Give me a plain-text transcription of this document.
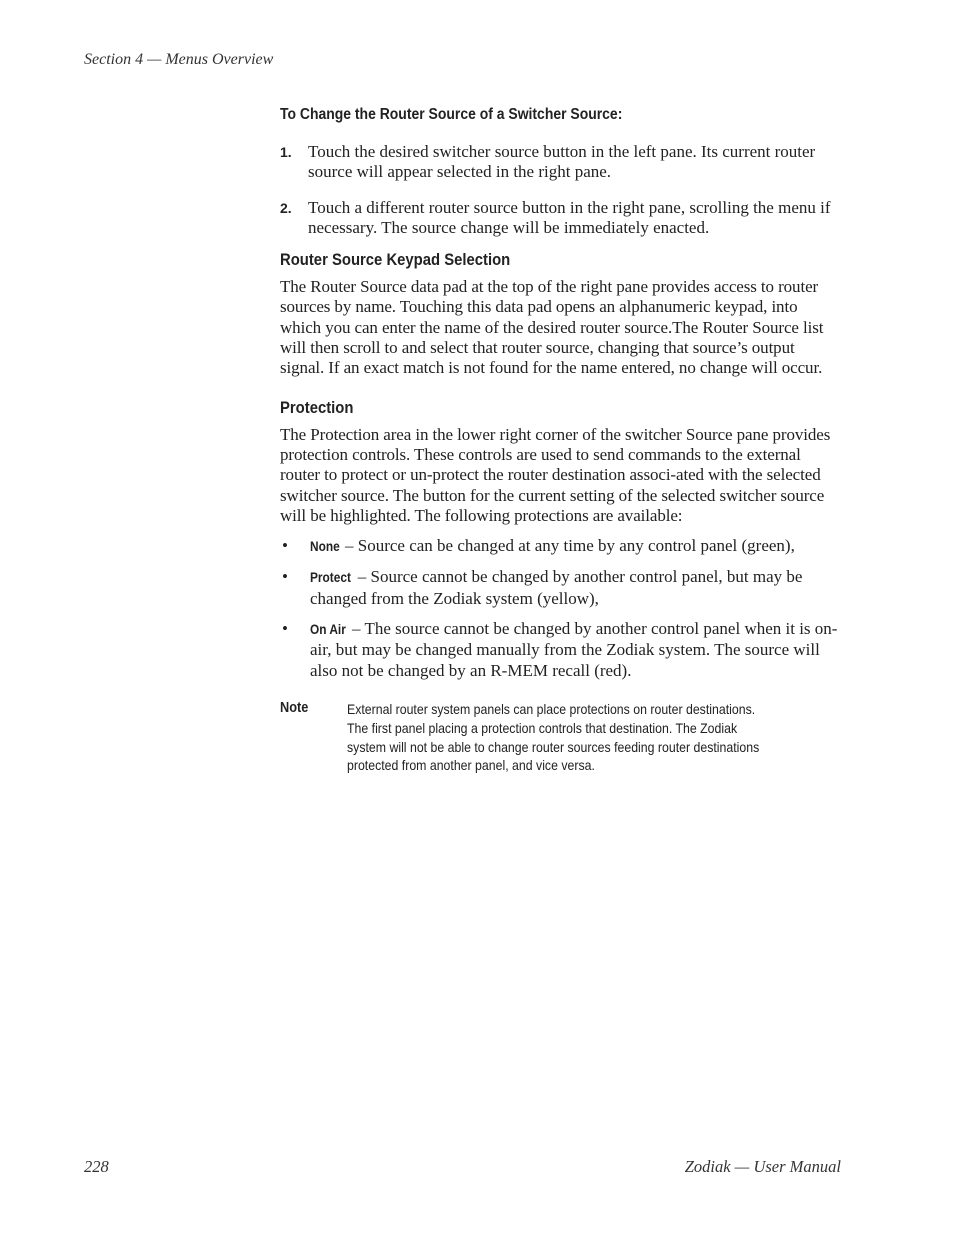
Section 4 — Menus Overview
To Change the Router Source of a Switcher Source:
1. Touch the desired switcher source button in the left pane. Its current router source will appear selected in the right pane.
2. Touch a different router source button in the right pane, scrolling the menu if necessary. The source change will be immediately enacted.
Router Source Keypad Selection

The Router Source data pad at the top of the right pane provides access to router sources by name. Touching this data pad opens an alphanumeric keypad, into which you can enter the name of the desired router source.The Router Source list will then scroll to and select that router source, changing that source’s output signal. If an exact match is not found for the name entered, no change will occur.

Protection

The Protection area in the lower right corner of the switcher Source pane provides protection controls. These controls are used to send commands to the external router to protect or un-protect the router destination associ-ated with the selected switcher source. The button for the current setting of the selected switcher source will be highlighted. The following protections are available:

•	None – Source can be changed at any time by any control panel (green),
•	Protect – Source cannot be changed by another control panel, but may be changed from the Zodiak system (yellow),
•	On Air – The source cannot be changed by another control panel when it is on-air, but may be changed manually from the Zodiak system. The source will also not be changed by an R-MEM recall (red).
Note	External router system panels can place protections on router destinations.
The first panel placing a protection controls that destination. The Zodiak
system will not be able to change router sources feeding router destinations
protected from another panel, and vice versa.
228	Zodiak — User Manual
